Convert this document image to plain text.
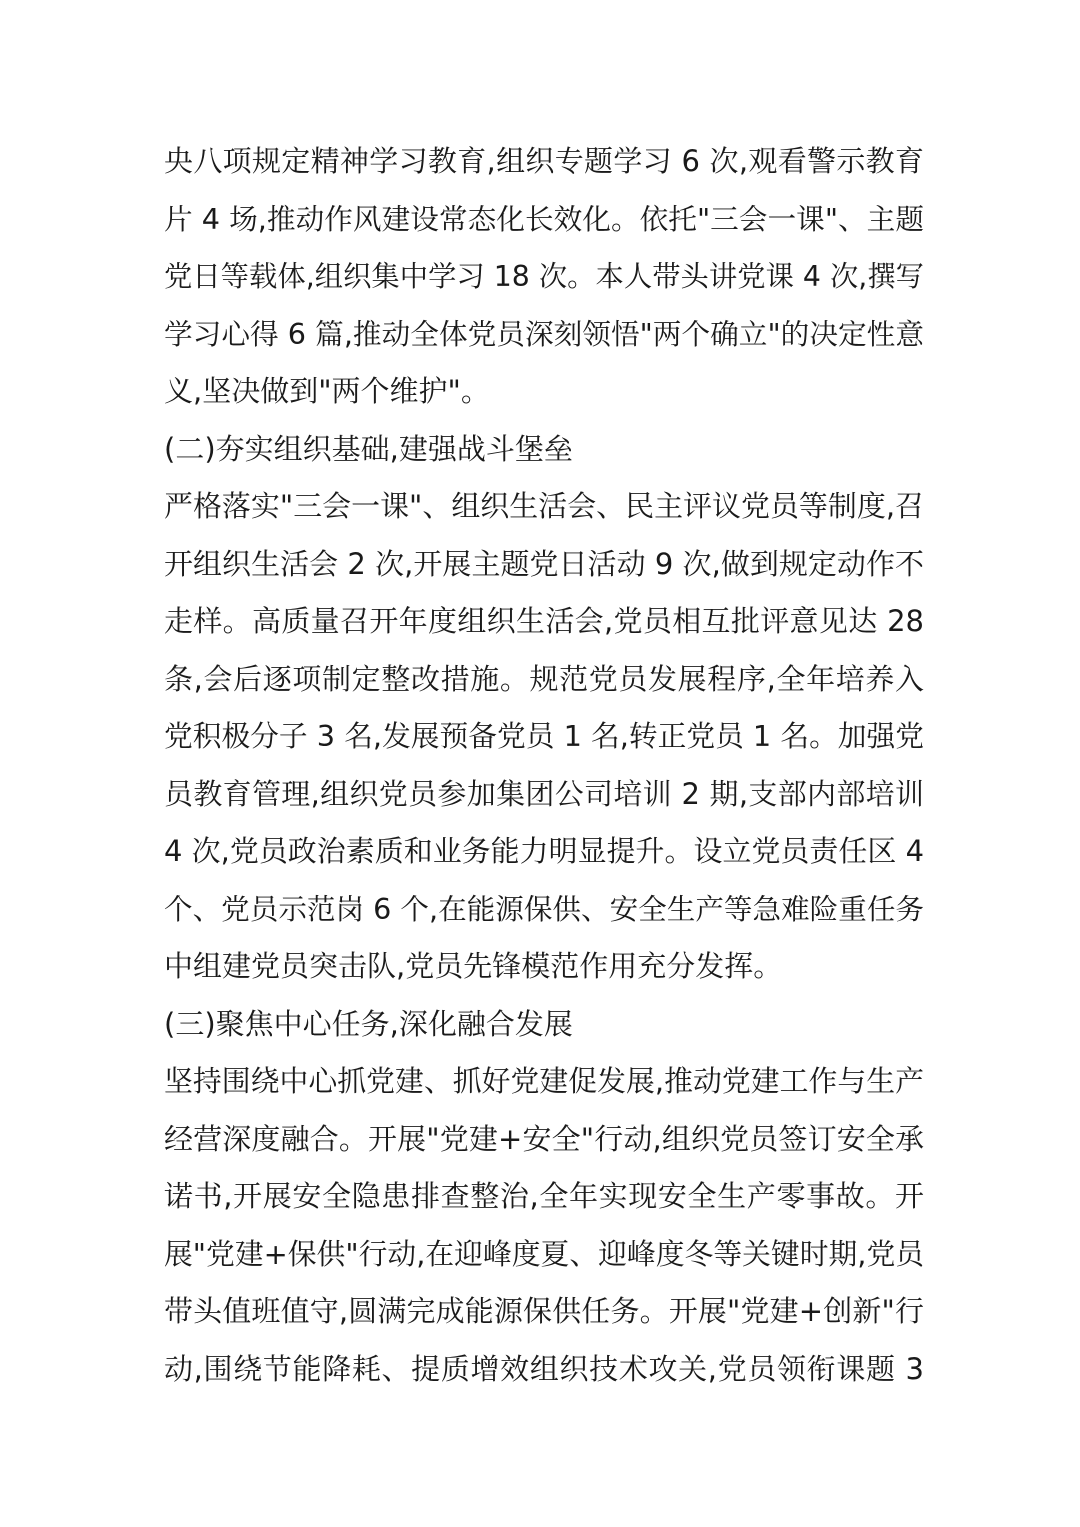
央八项规定精神学习教育,组织专题学习 6 次,观看警示教育
片 4 场,推动作风建设常态化长效化。依托"三会一课"、主题
党日等载体,组织集中学习 18 次。本人带头讲党课 4 次,撰写
学习心得 6 篇,推动全体党员深刻领悟"两个确立"的决定性意
义,坚决做到"两个维护"。
(二)夯实组织基础,建强战斗堡垒
严格落实"三会一课"、组织生活会、民主评议党员等制度,召
开组织生活会 2 次,开展主题党日活动 9 次,做到规定动作不
走样。高质量召开年度组织生活会,党员相互批评意见达 28
条,会后逐项制定整改措施。规范党员发展程序,全年培养入
党积极分子 3 名,发展预备党员 1 名,转正党员 1 名。加强党
员教育管理,组织党员参加集团公司培训 2 期,支部内部培训
4 次,党员政治素质和业务能力明显提升。设立党员责任区 4
个、党员示范岗 6 个,在能源保供、安全生产等急难险重任务
中组建党员突击队,党员先锋模范作用充分发挥。
(三)聚焦中心任务,深化融合发展
坚持围绕中心抓党建、抓好党建促发展,推动党建工作与生产
经营深度融合。开展"党建+安全"行动,组织党员签订安全承
诺书,开展安全隐患排查整治,全年实现安全生产零事故。开
展"党建+保供"行动,在迎峰度夏、迎峰度冬等关键时期,党员
带头值班值守,圆满完成能源保供任务。开展"党建+创新"行
动,围绕节能降耗、提质增效组织技术攻关,党员领衔课题 3
